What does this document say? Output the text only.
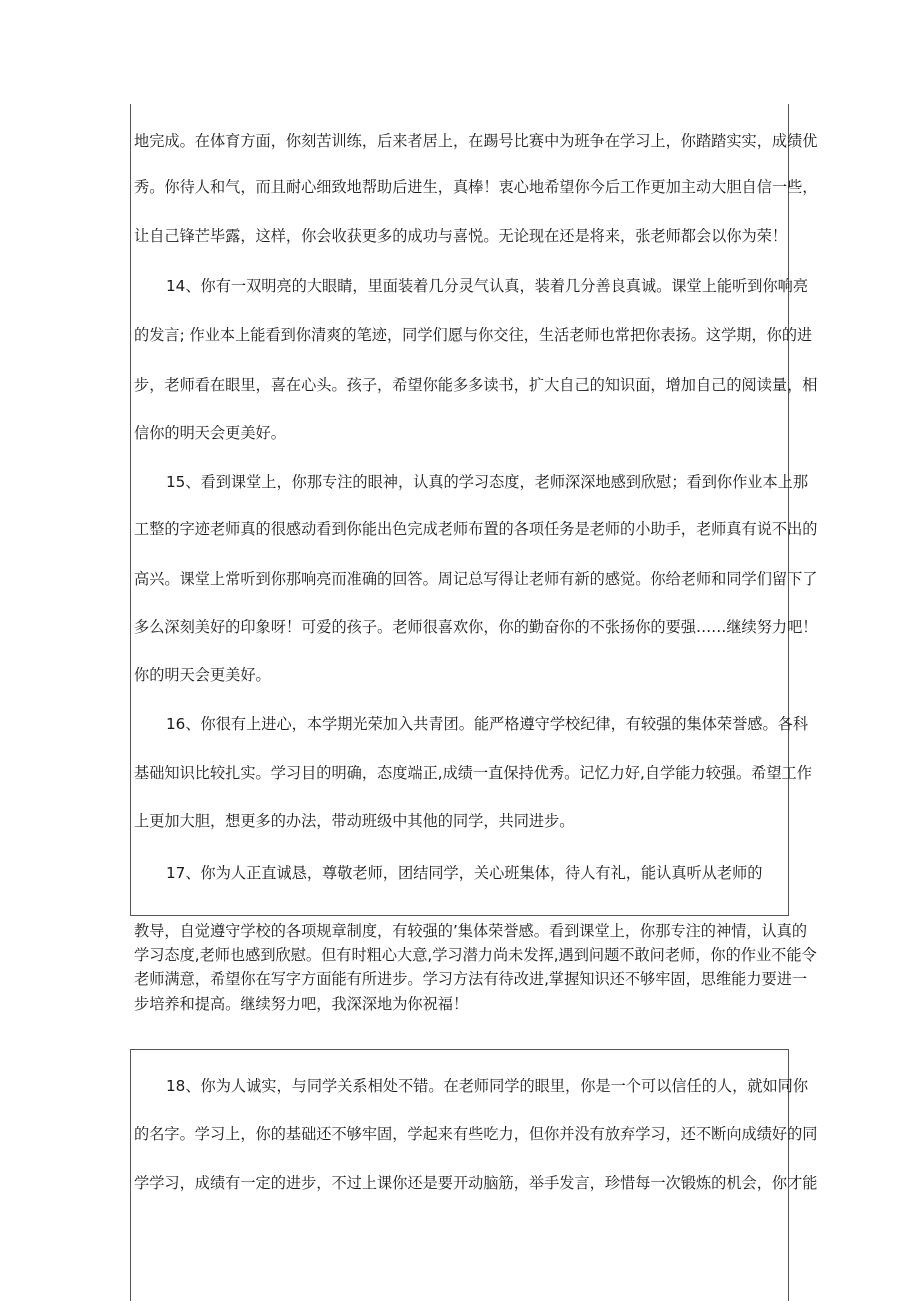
地完成。在体育方面，你刻苦训练，后来者居上，在踢号比赛中为班争在学习上，你踏踏实实，成绩优
秀。你待人和气，而且耐心细致地帮助后进生，真棒！衷心地希望你今后工作更加主动大胆自信一些，
让自己锋芒毕露，这样，你会收获更多的成功与喜悦。无论现在还是将来，张老师都会以你为荣！
14、你有一双明亮的大眼睛，里面装着几分灵气认真，装着几分善良真诚。课堂上能听到你响亮
的发言; 作业本上能看到你清爽的笔迹，同学们愿与你交往，生活老师也常把你表扬。这学期，你的进
步，老师看在眼里，喜在心头。孩子，希望你能多多读书，扩大自己的知识面，增加自己的阅读量，相
信你的明天会更美好。
15、看到课堂上，你那专注的眼神，认真的学习态度，老师深深地感到欣慰；看到你作业本上那
工整的字迹老师真的很感动看到你能出色完成老师布置的各项任务是老师的小助手，老师真有说不出的
高兴。课堂上常听到你那响亮而准确的回答。周记总写得让老师有新的感觉。你给老师和同学们留下了
多么深刻美好的印象呀！可爱的孩子。老师很喜欢你，你的勤奋你的不张扬你的要强……继续努力吧！
你的明天会更美好。
16、你很有上进心，本学期光荣加入共青团。能严格遵守学校纪律，有较强的集体荣誉感。各科
基础知识比较扎实。学习目的明确，态度端正,成绩一直保持优秀。记忆力好,自学能力较强。希望工作
上更加大胆，想更多的办法，带动班级中其他的同学，共同进步。
17、你为人正直诚恳，尊敬老师，团结同学，关心班集体，待人有礼，能认真听从老师的
教导，自觉遵守学校的各项规章制度，有较强的’集体荣誉感。看到课堂上，你那专注的神情，认真的
学习态度,老师也感到欣慰。但有时粗心大意,学习潜力尚未发挥,遇到问题不敢问老师，你的作业不能令
老师满意，希望你在写字方面能有所进步。学习方法有待改进,掌握知识还不够牢固，思维能力要进一
步培养和提高。继续努力吧，我深深地为你祝福！
18、你为人诚实，与同学关系相处不错。在老师同学的眼里，你是一个可以信任的人，就如同你
的名字。学习上，你的基础还不够牢固，学起来有些吃力，但你并没有放弃学习，还不断向成绩好的同
学学习，成绩有一定的进步，不过上课你还是要开动脑筋，举手发言，珍惜每一次锻炼的机会，你才能
